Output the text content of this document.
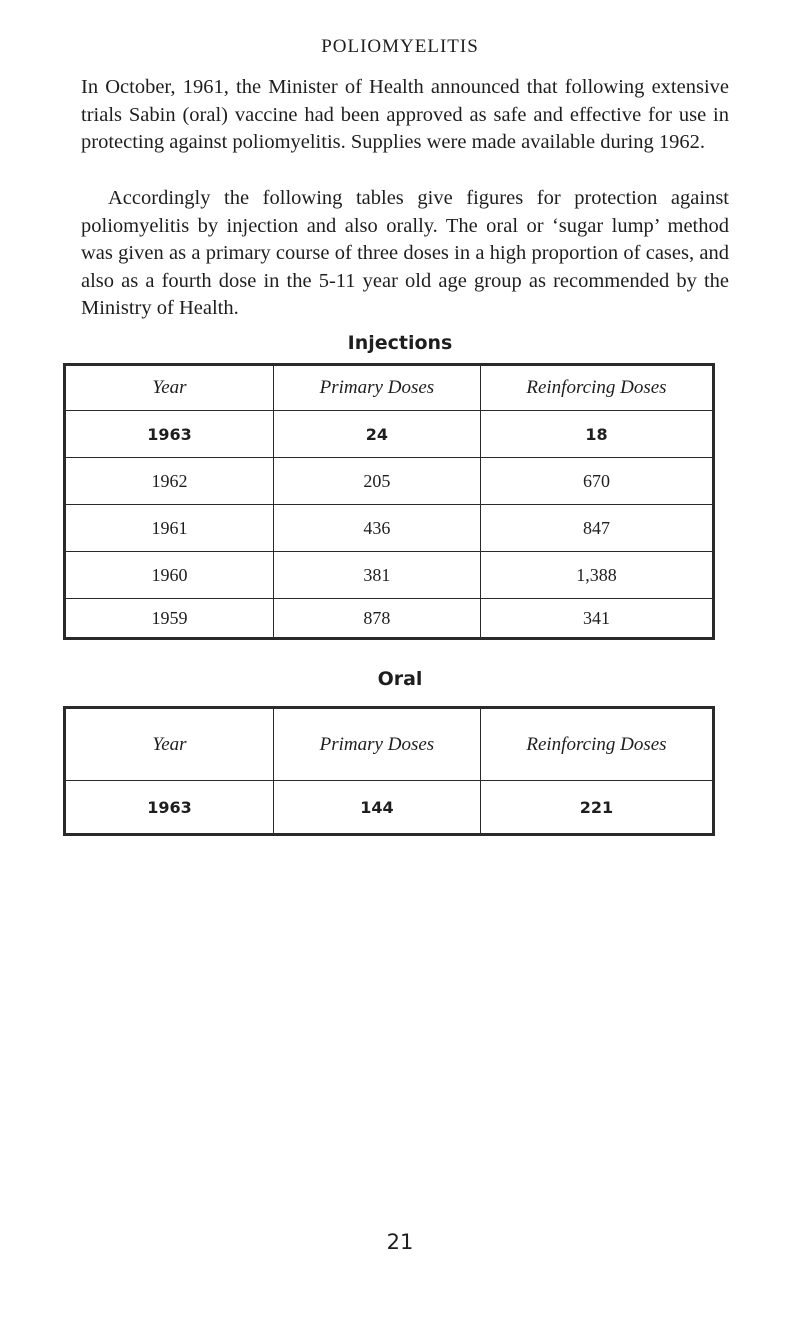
POLIOMYELITIS

In October, 1961, the Minister of Health announced that following extensive trials Sabin (oral) vaccine had been approved as safe and effective for use in protecting against poliomyelitis. Supplies were made available during 1962.

Accordingly the following tables give figures for protection against poliomyelitis by injection and also orally. The oral or ‘sugar lump’ method was given as a primary course of three doses in a high proportion of cases, and also as a fourth dose in the 5-11 year old age group as recommended by the Ministry of Health.

Injections
Year	Primary Doses	Reinforcing Doses
1963	24	18
1962	205	670
1961	436	847
1960	381	1,388
1959	878	341
Oral
Year	Primary Doses	Reinforcing Doses
1963	144	221
21
